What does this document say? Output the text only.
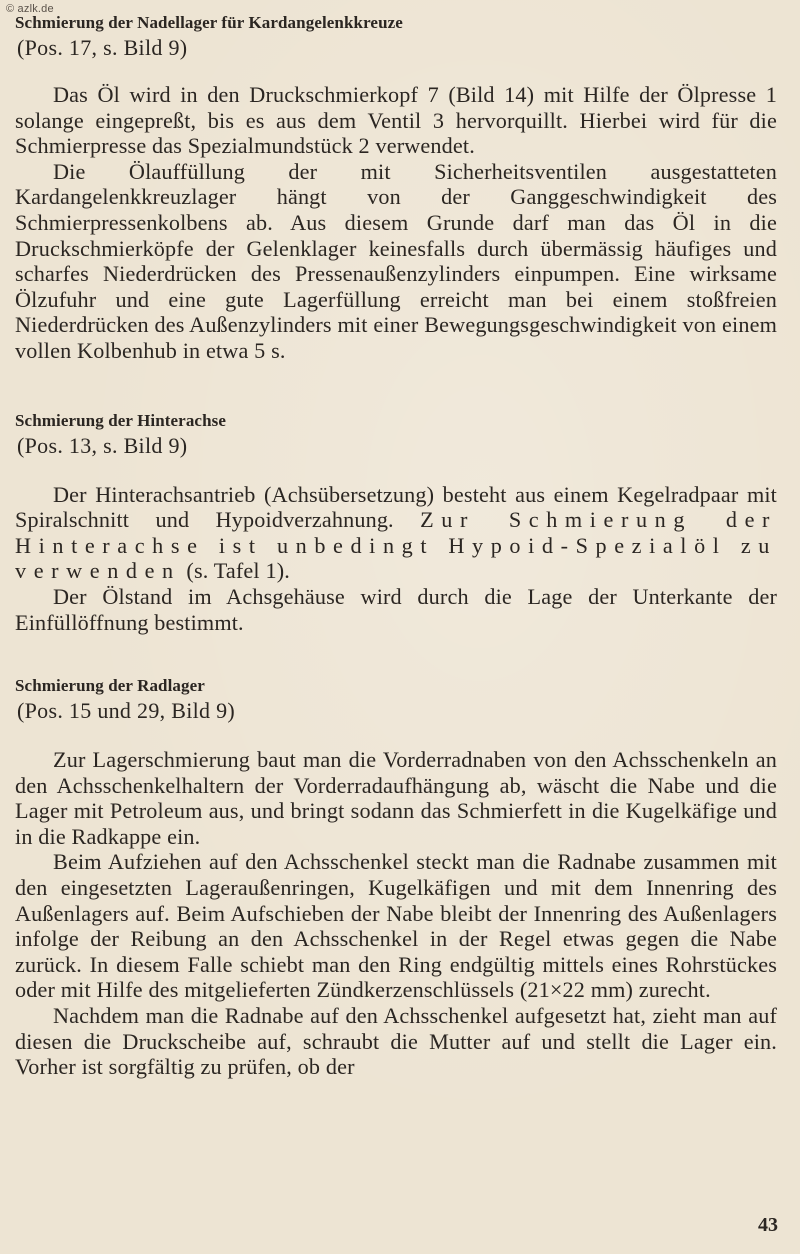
© azlk.de
Schmierung der Nadellager für Kardangelenkkreuze
(Pos. 17, s. Bild 9)

Das Öl wird in den Druckschmierkopf 7 (Bild 14) mit Hilfe der Ölpresse 1 solange eingepreßt, bis es aus dem Ventil 3 hervorquillt. Hierbei wird für die Schmierpresse das Spezialmundstück 2 verwendet.

Die Ölauffüllung der mit Sicherheitsventilen ausgestatteten Kardangelenkkreuzlager hängt von der Ganggeschwindigkeit des Schmierpressenkolbens ab. Aus diesem Grunde darf man das Öl in die Druckschmierköpfe der Gelenklager keinesfalls durch übermässig häufiges und scharfes Niederdrücken des Pressenaußenzylinders einpumpen. Eine wirksame Ölzufuhr und eine gute Lagerfüllung erreicht man bei einem stoßfreien Niederdrücken des Außenzylinders mit einer Bewegungsgeschwindigkeit von einem vollen Kolbenhub in etwa 5 s.

Schmierung der Hinterachse
(Pos. 13, s. Bild 9)

Der Hinterachsantrieb (Achsübersetzung) besteht aus einem Kegelradpaar mit Spiralschnitt und Hypoidverzahnung. Zur Schmierung der Hinterachse ist unbedingt Hypoid-Spezialöl zu verwenden (s. Tafel 1).

Der Ölstand im Achsgehäuse wird durch die Lage der Unterkante der Einfüllöffnung bestimmt.

Schmierung der Radlager
(Pos. 15 und 29, Bild 9)

Zur Lagerschmierung baut man die Vorderradnaben von den Achsschenkeln an den Achsschenkelhaltern der Vorderradaufhängung ab, wäscht die Nabe und die Lager mit Petroleum aus, und bringt sodann das Schmierfett in die Kugelkäfige und in die Radkappe ein.

Beim Aufziehen auf den Achsschenkel steckt man die Radnabe zusammen mit den eingesetzten Lageraußenringen, Kugelkäfigen und mit dem Innenring des Außenlagers auf. Beim Aufschieben der Nabe bleibt der Innenring des Außenlagers infolge der Reibung an den Achsschenkel in der Regel etwas gegen die Nabe zurück. In diesem Falle schiebt man den Ring endgültig mittels eines Rohrstückes oder mit Hilfe des mitgelieferten Zündkerzenschlüssels (21×22 mm) zurecht.

Nachdem man die Radnabe auf den Achsschenkel aufgesetzt hat, zieht man auf diesen die Druckscheibe auf, schraubt die Mutter auf und stellt die Lager ein. Vorher ist sorgfältig zu prüfen, ob der

43
